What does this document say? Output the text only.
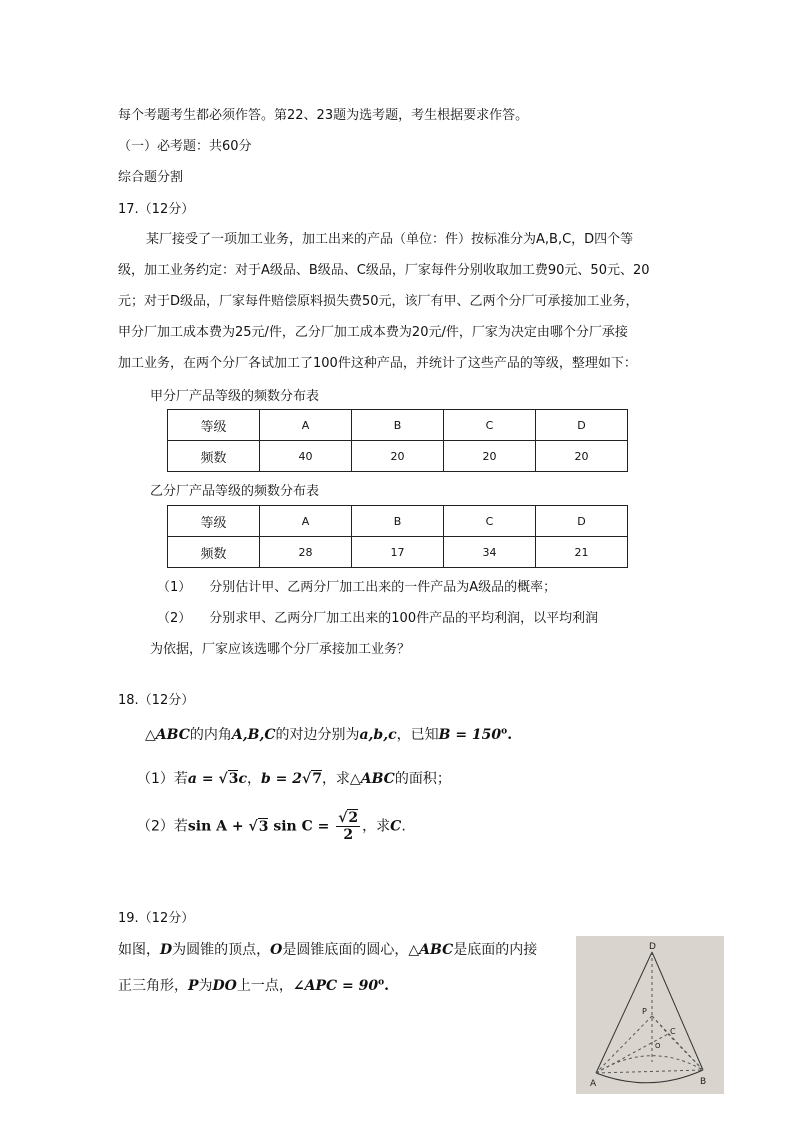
每个考题考生都必须作答。第22、23题为选考题，考生根据要求作答。
（一）必考题：共60分
综合题分割
17.（12分）
某厂接受了一项加工业务，加工出来的产品（单位：件）按标准分为A,B,C，D四个等
级，加工业务约定：对于A级品、B级品、C级品，厂家每件分别收取加工费90元、50元、20
元；对于D级品，厂家每件赔偿原料损失费50元，该厂有甲、乙两个分厂可承接加工业务，
甲分厂加工成本费为25元/件，乙分厂加工成本费为20元/件，厂家为决定由哪个分厂承接
加工业务，在两个分厂各试加工了100件这种产品，并统计了这些产品的等级，整理如下：
甲分厂产品等级的频数分布表
等级	A	B	C	D
频数	40	20	20	20
乙分厂产品等级的频数分布表
等级	A	B	C	D
频数	28	17	34	21
（1） 分别估计甲、乙两分厂加工出来的一件产品为A级品的概率；
（2） 分别求甲、乙两分厂加工出来的100件产品的平均利润，以平均利润
为依据，厂家应该选哪个分厂承接加工业务？
18.（12分）
△ABC的内角A,B,C的对边分别为a,b,c，已知$B = 150^o$.
（1）若a = √3c，b = 2√7，求△ABC的面积；
（2）若sin A + √3 $\sin C = \frac{√2}{2}$ ，求C.
19.（12分）
如图，D为圆锥的顶点，O是圆锥底面的圆心，△ABC是底面的内接
正三角形，P为DO上一点，∠APC = $90^o$.
D
P
C
O
A	B
